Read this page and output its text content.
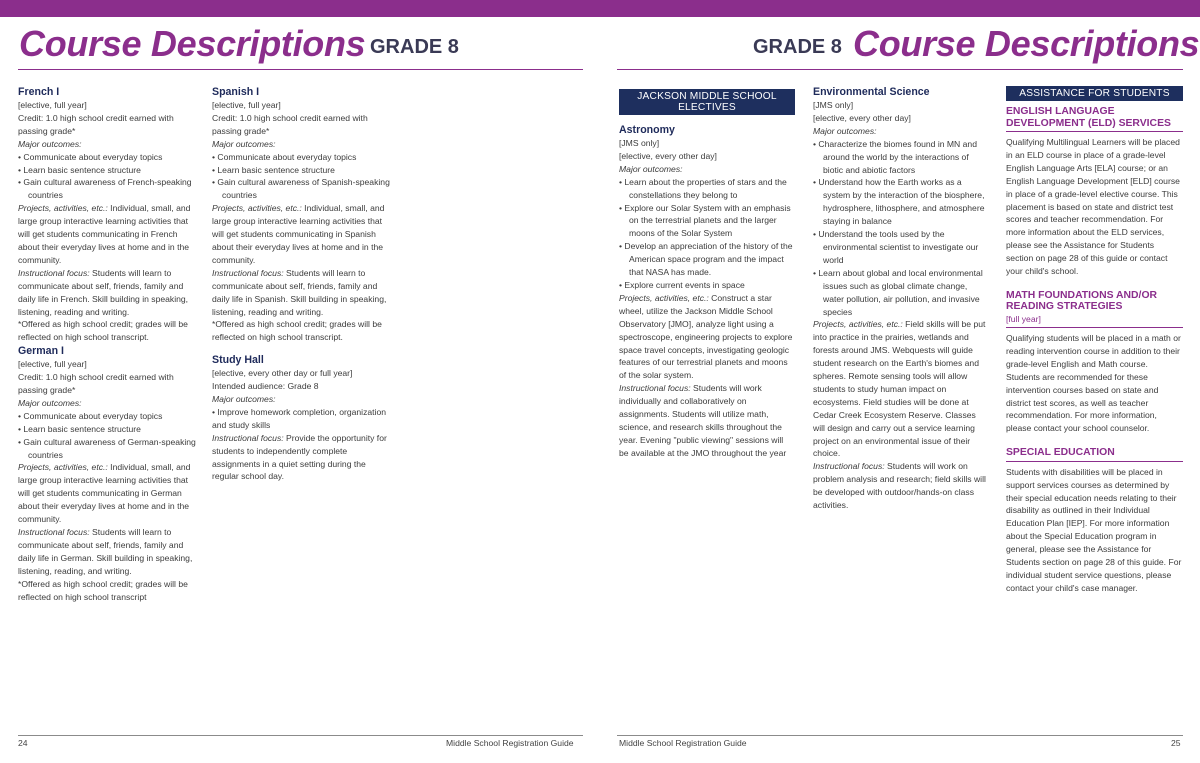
Course Descriptions GRADE 8	GRADE 8 Course Descriptions
French I

[elective, full year]

Credit: 1.0 high school credit earned with

passing grade*

Major outcomes:

• Communicate about everyday topics

• Learn basic sentence structure

• Gain cultural awareness of French-speaking countries

Projects, activities, etc.: Individual, small, and large group interactive learning activities that will get students communicating in French about their everyday lives at home and in the community.

Instructional focus: Students will learn to communicate about self, friends, family and daily life in French. Skill building in speaking, listening, reading and writing.

*Offered as high school credit; grades will be reflected on high school transcript.

German I

[elective, full year]

Credit: 1.0 high school credit earned with

passing grade*

Major outcomes:

• Communicate about everyday topics

• Learn basic sentence structure

• Gain cultural awareness of German-speaking countries

Projects, activities, etc.: Individual, small, and large group interactive learning activities that will get students communicating in German about their everyday lives at home and in the community.

Instructional focus: Students will learn to communicate about self, friends, family and daily life in German. Skill building in speaking, listening, reading, and writing.

*Offered as high school credit; grades will be reflected on high school transcript

Spanish I

[elective, full year]

Credit: 1.0 high school credit earned with

passing grade*

Major outcomes:

• Communicate about everyday topics

• Learn basic sentence structure

• Gain cultural awareness of Spanish-speaking countries

Projects, activities, etc.: Individual, small, and large group interactive learning activities that will get students communicating in Spanish about their everyday lives at home and in the community.

Instructional focus: Students will learn to communicate about self, friends, family and daily life in Spanish. Skill building in speaking, listening, reading and writing.

*Offered as high school credit; grades will be reflected on high school transcript.

Study Hall

[elective, every other day or full year]

Intended audience: Grade 8

Major outcomes:

• Improve homework completion, organization and study skills

Instructional focus: Provide the opportunity for students to independently complete assignments in a quiet setting during the regular school day.

JACKSON MIDDLE SCHOOL ELECTIVES
Astronomy

[JMS only]

[elective, every other day]

Major outcomes:

• Learn about the properties of stars and the constellations they belong to

• Explore our Solar System with an emphasis on the terrestrial planets and the larger moons of the Solar System

• Develop an appreciation of the history of the American space program and the impact that NASA has made.

• Explore current events in space

Projects, activities, etc.: Construct a star wheel, utilize the Jackson Middle School Observatory [JMO], analyze light using a spectroscope, engineering projects to explore space travel concepts, investigating geologic features of our terrestrial planets and moons of the solar system.

Instructional focus: Students will work individually and collaboratively on assignments. Students will utilize math, science, and research skills throughout the year. Evening "public viewing" sessions will be available at the JMO throughout the year

Environmental Science

[JMS only]

[elective, every other day]

Major outcomes:

• Characterize the biomes found in MN and around the world by the interactions of biotic and abiotic factors

• Understand how the Earth works as a system by the interaction of the biosphere, hydrosphere, lithosphere, and atmosphere staying in balance

• Understand the tools used by the environmental scientist to investigate our world

• Learn about global and local environmental issues such as global climate change, water pollution, air pollution, and invasive species

Projects, activities, etc.: Field skills will be put into practice in the prairies, wetlands and forests around JMS. Webquests will guide student research on the Earth's biomes and spheres. Remote sensing tools will allow students to study human impact on ecosystems. Field studies will be done at Cedar Creek Ecosystem Reserve. Classes will design and carry out a service learning project on an environmental issue of their choice.

Instructional focus: Students will work on problem analysis and research; field skills will be developed with outdoor/hands-on class activities.

ASSISTANCE FOR STUDENTS
ENGLISH LANGUAGE DEVELOPMENT (ELD) SERVICES

Qualifying Multilingual Learners will be placed in an ELD course in place of a grade-level English Language Arts [ELA] course; or an English Language Development [ELD] course in place of a grade-level elective course. This placement is based on state and district test scores and teacher recommendation. For more information about the ELD services, please see the Assistance for Students section on page 28 of this guide or contact your child's school.

MATH FOUNDATIONS AND/OR READING STRATEGIES

[full year]

Qualifying students will be placed in a math or reading intervention course in addition to their grade-level English and Math course. Students are recommended for these intervention courses based on state and district test scores, as well as teacher recommendation. For more information, please contact your school counselor.

SPECIAL EDUCATION

Students with disabilities will be placed in support services courses as determined by their special education needs relating to their disability as outlined in their Individual Education Plan [IEP]. For more information about the Special Education program in general, please see the Assistance for Students section on page 28 of this guide. For individual student service questions, please contact your child's case manager.

24	Middle School Registration Guide	Middle School Registration Guide	25
